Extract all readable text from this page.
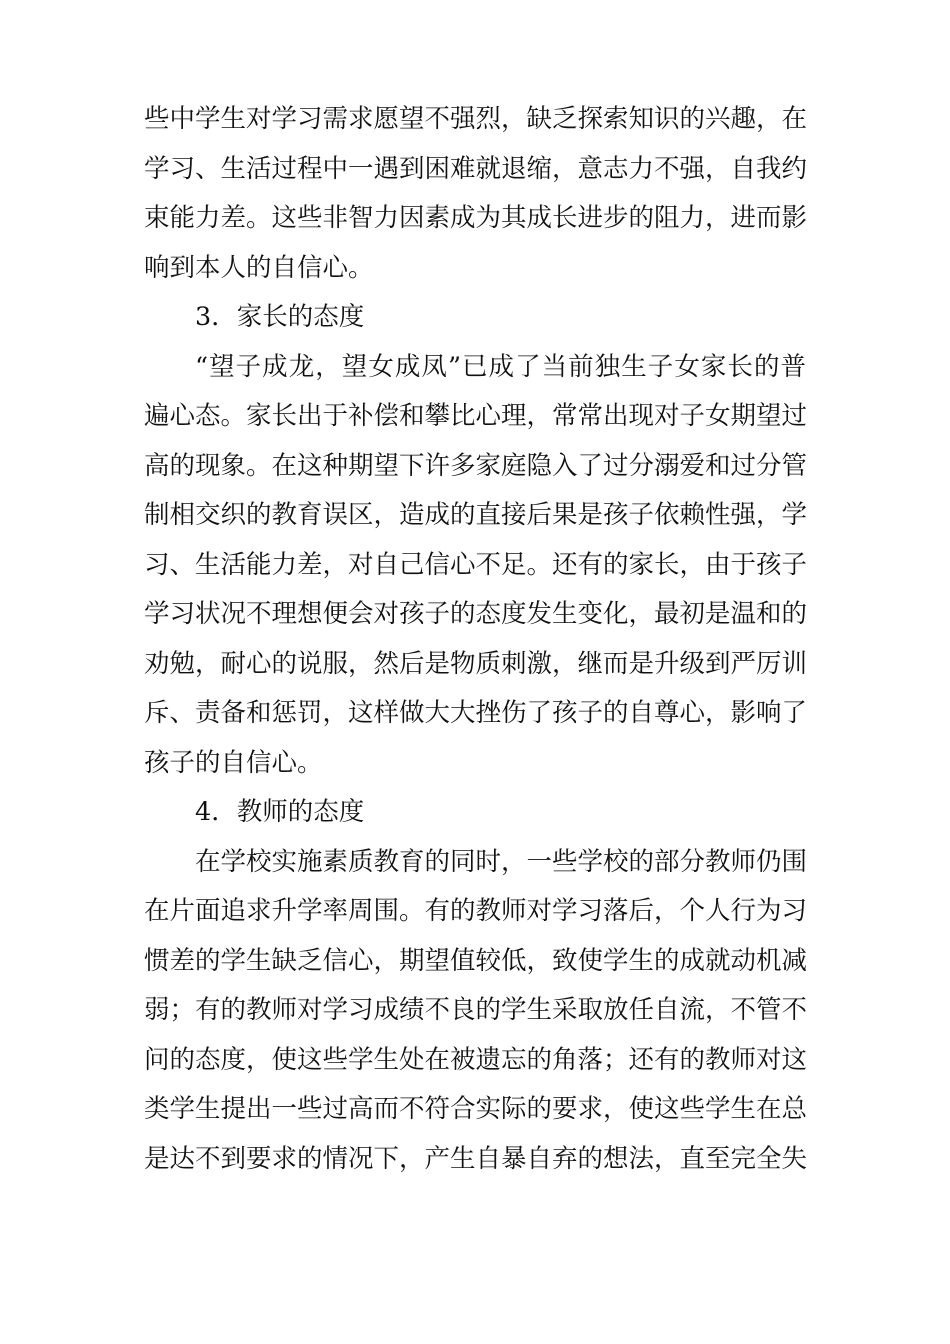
些中学生对学习需求愿望不强烈，缺乏探索知识的兴趣，在
学习、生活过程中一遇到困难就退缩，意志力不强，自我约
束能力差。这些非智力因素成为其成长进步的阻力，进而影
响到本人的自信心。
3．家长的态度
“望子成龙，望女成凤”已成了当前独生子女家长的普
遍心态。家长出于补偿和攀比心理，常常出现对子女期望过
高的现象。在这种期望下许多家庭隐入了过分溺爱和过分管
制相交织的教育误区，造成的直接后果是孩子依赖性强，学
习、生活能力差，对自己信心不足。还有的家长，由于孩子
学习状况不理想便会对孩子的态度发生变化，最初是温和的
劝勉，耐心的说服，然后是物质刺激，继而是升级到严厉训
斥、责备和惩罚，这样做大大挫伤了孩子的自尊心，影响了
孩子的自信心。
4．教师的态度
在学校实施素质教育的同时，一些学校的部分教师仍围
在片面追求升学率周围。有的教师对学习落后，个人行为习
惯差的学生缺乏信心，期望值较低，致使学生的成就动机减
弱；有的教师对学习成绩不良的学生采取放任自流，不管不
问的态度，使这些学生处在被遗忘的角落；还有的教师对这
类学生提出一些过高而不符合实际的要求，使这些学生在总
是达不到要求的情况下，产生自暴自弃的想法，直至完全失
